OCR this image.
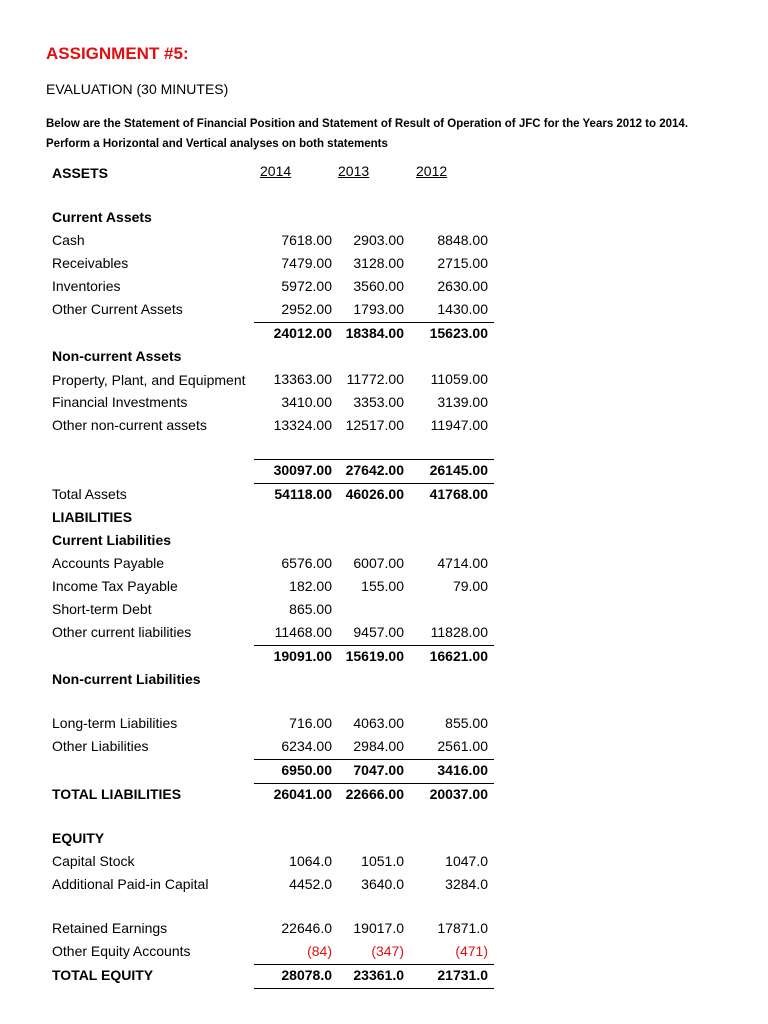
ASSIGNMENT #5:
EVALUATION (30 MINUTES)
Below are the Statement of Financial Position and Statement of Result of Operation of JFC for the Years 2012 to 2014.
Perform a Horizontal and Vertical analyses on both statements
ASSETS	2014	2013	2012

Current Assets			
Cash	7618.00	2903.00	8848.00
Receivables	7479.00	3128.00	2715.00
Inventories	5972.00	3560.00	2630.00
Other Current Assets	2952.00	1793.00	1430.00
	24012.00	18384.00	15623.00
Non-current Assets			
Property, Plant, and Equipment	13363.00	11772.00	11059.00
Financial Investments	3410.00	3353.00	3139.00
Other non-current assets	13324.00	12517.00	11947.00

	30097.00	27642.00	26145.00
Total Assets	54118.00	46026.00	41768.00
LIABILITIES			
Current Liabilities			
Accounts Payable	6576.00	6007.00	4714.00
Income Tax Payable	182.00	155.00	79.00
Short-term Debt	865.00		
Other current liabilities	11468.00	9457.00	11828.00
	19091.00	15619.00	16621.00
Non-current Liabilities			

Long-term Liabilities	716.00	4063.00	855.00
Other Liabilities	6234.00	2984.00	2561.00
	6950.00	7047.00	3416.00
TOTAL LIABILITIES	26041.00	22666.00	20037.00

EQUITY			
Capital Stock	1064.0	1051.0	1047.0
Additional Paid-in Capital	4452.0	3640.0	3284.0

Retained Earnings	22646.0	19017.0	17871.0
Other Equity Accounts	(84)	(347)	(471)
TOTAL EQUITY	28078.0	23361.0	21731.0
